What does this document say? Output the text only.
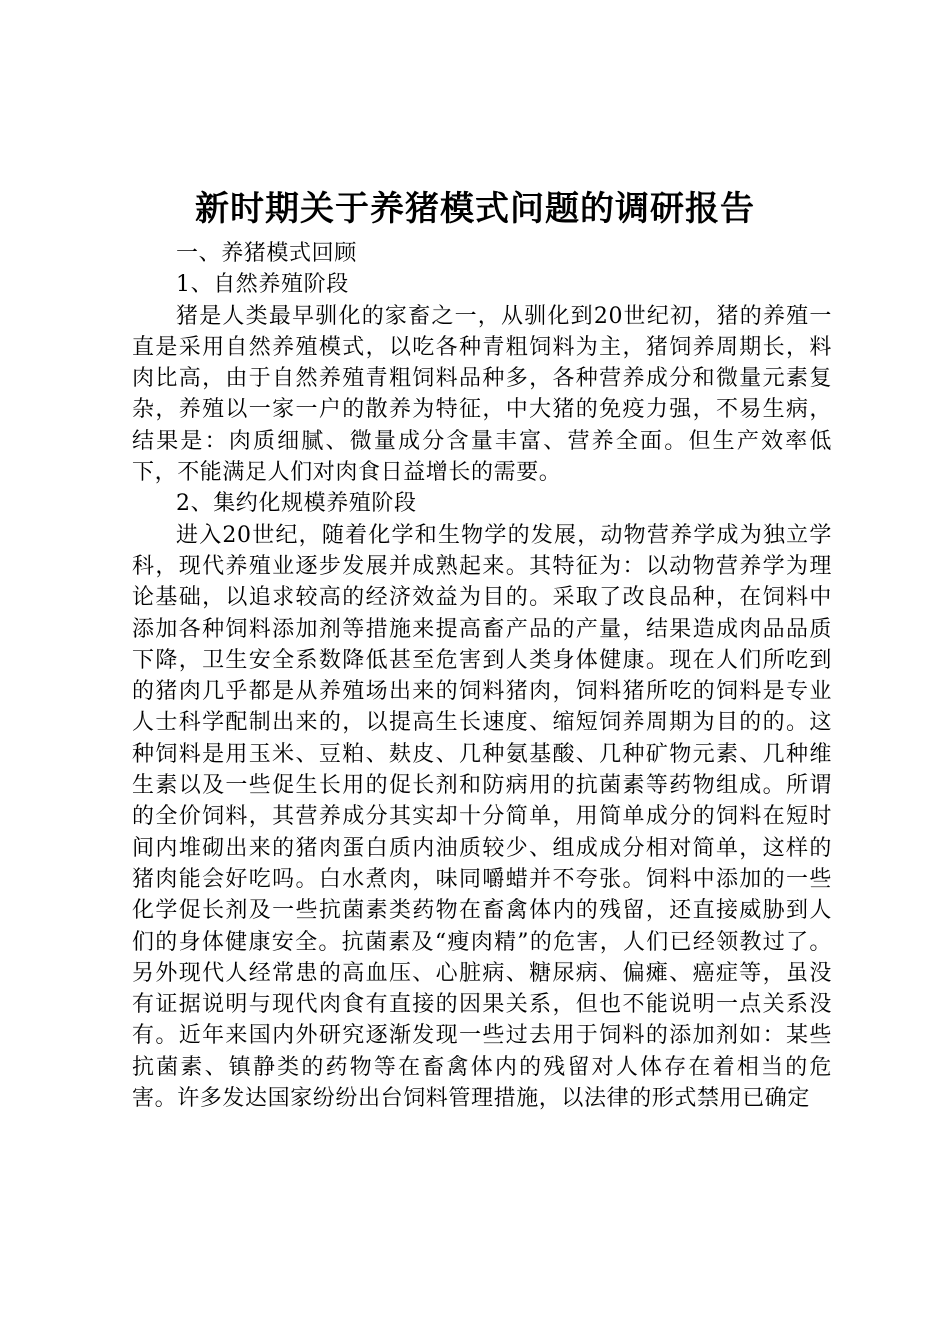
新时期关于养猪模式问题的调研报告

一、养猪模式回顾

1、自然养殖阶段

猪是人类最早驯化的家畜之一，从驯化到20世纪初，猪的养殖一直是采用自然养殖模式，以吃各种青粗饲料为主，猪饲养周期长，料肉比高，由于自然养殖青粗饲料品种多，各种营养成分和微量元素复杂，养殖以一家一户的散养为特征，中大猪的免疫力强，不易生病，结果是：肉质细腻、微量成分含量丰富、营养全面。但生产效率低下，不能满足人们对肉食日益增长的需要。

2、集约化规模养殖阶段

进入20世纪，随着化学和生物学的发展，动物营养学成为独立学科，现代养殖业逐步发展并成熟起来。其特征为：以动物营养学为理论基础，以追求较高的经济效益为目的。采取了改良品种，在饲料中添加各种饲料添加剂等措施来提高畜产品的产量，结果造成肉品品质下降，卫生安全系数降低甚至危害到人类身体健康。现在人们所吃到的猪肉几乎都是从养殖场出来的饲料猪肉，饲料猪所吃的饲料是专业人士科学配制出来的，以提高生长速度、缩短饲养周期为目的的。这种饲料是用玉米、豆粕、麸皮、几种氨基酸、几种矿物元素、几种维生素以及一些促生长用的促长剂和防病用的抗菌素等药物组成。所谓的全价饲料，其营养成分其实却十分简单，用简单成分的饲料在短时间内堆砌出来的猪肉蛋白质内油质较少、组成成分相对简单，这样的猪肉能会好吃吗。白水煮肉，味同嚼蜡并不夸张。饲料中添加的一些化学促长剂及一些抗菌素类药物在畜禽体内的残留，还直接威胁到人们的身体健康安全。抗菌素及“瘦肉精”的危害，人们已经领教过了。另外现代人经常患的高血压、心脏病、糖尿病、偏瘫、癌症等，虽没有证据说明与现代肉食有直接的因果关系，但也不能说明一点关系没有。近年来国内外研究逐渐发现一些过去用于饲料的添加剂如：某些抗菌素、镇静类的药物等在畜禽体内的残留对人体存在着相当的危害。许多发达国家纷纷出台饲料管理措施，以法律的形式禁用已确定
